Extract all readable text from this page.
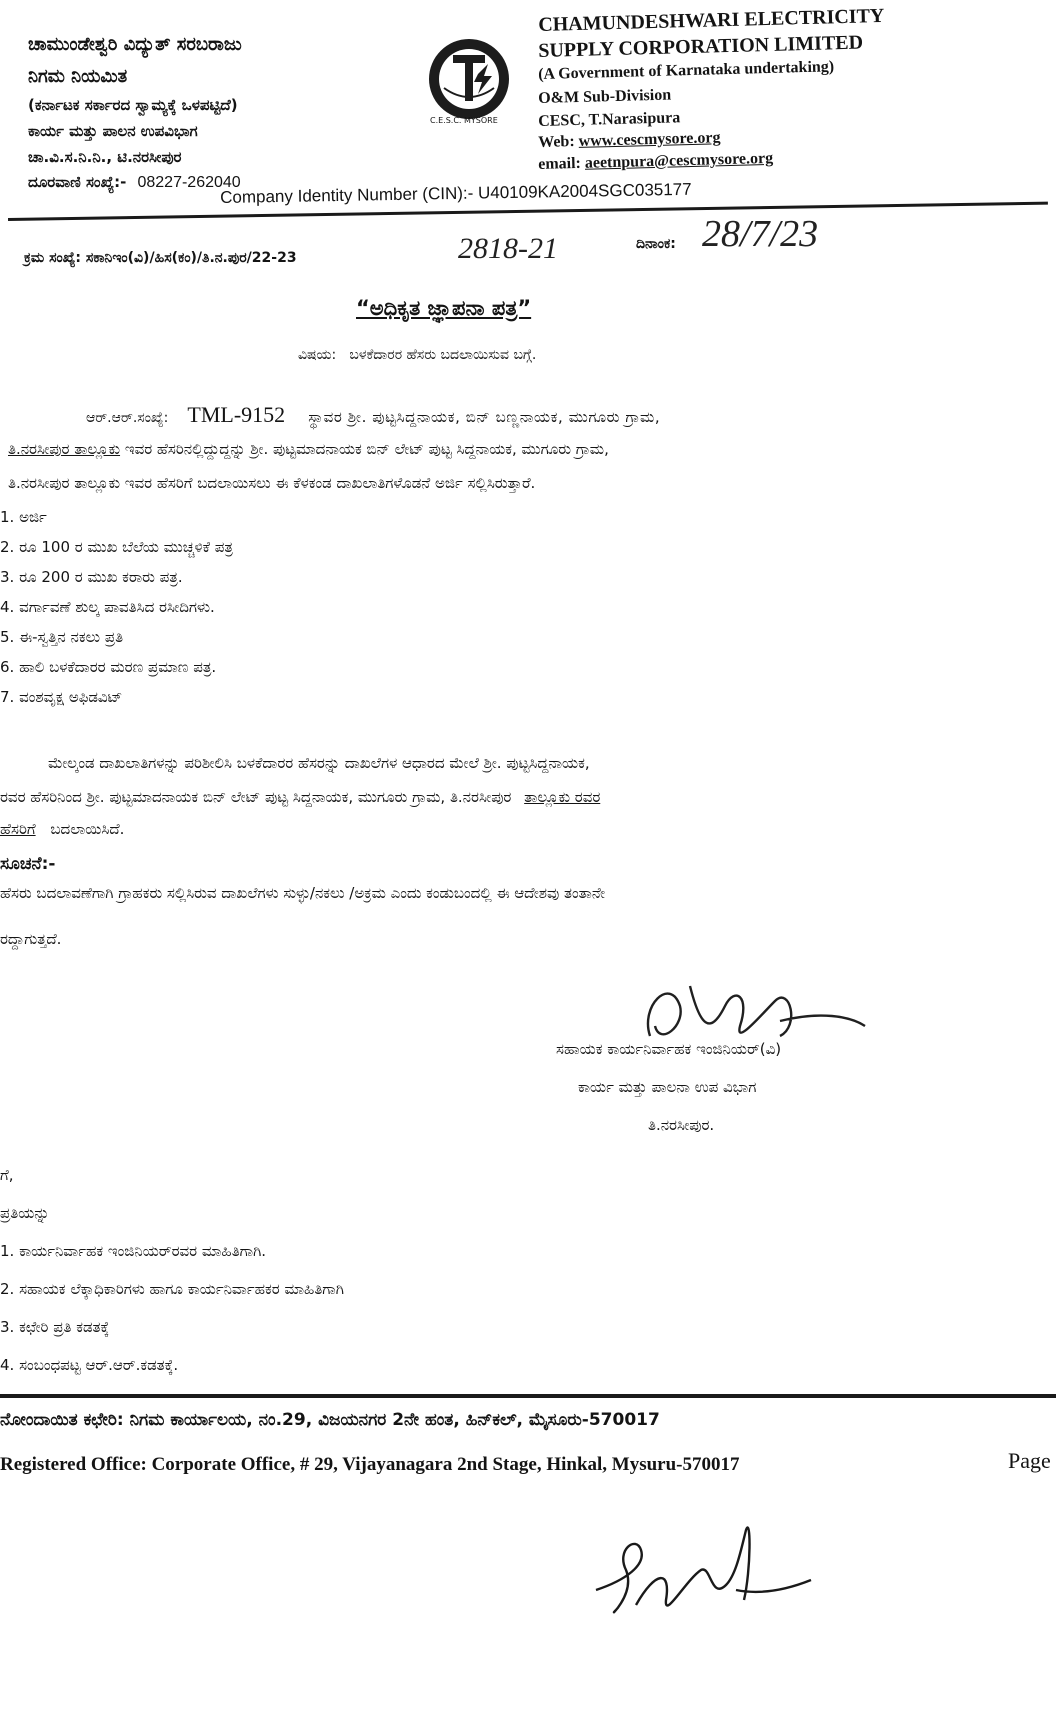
ಚಾಮುಂಡೇಶ್ವರಿ ವಿದ್ಯುತ್ ಸರಬರಾಜು
ನಿಗಮ ನಿಯಮಿತ
(ಕರ್ನಾಟಕ ಸರ್ಕಾರದ ಸ್ವಾಮ್ಯಕ್ಕೆ ಒಳಪಟ್ಟಿದೆ)
ಕಾರ್ಯ ಮತ್ತು ಪಾಲನ ಉಪವಿಭಾಗ
ಚಾ.ವಿ.ಸ.ನಿ.ನಿ., ಟಿ.ನರಸೀಪುರ
ದೂರವಾಣಿ ಸಂಖ್ಯೆ:- 08227-262040
C.E.S.C. MYSORE
CHAMUNDESHWARI ELECTRICITY
SUPPLY CORPORATION LIMITED
(A Government of Karnataka undertaking)
O&M Sub-Division
CESC, T.Narasipura
Web: www.cescmysore.org
email: aeetnpura@cescmysore.org
Company Identity Number (CIN):- U40109KA2004SGC035177
ಕ್ರಮ ಸಂಖ್ಯೆ: ಸಕಾನಿಇಂ(ವಿ)/ಹಿಸ(ಕಂ)/ತಿ.ನ.ಪುರ/22-23	2818-21	ದಿನಾಂಕ: 28/7/23
“ಅಧಿಕೃತ ಜ್ಞಾಪನಾ ಪತ್ರ”
ವಿಷಯ: ಬಳಕೆದಾರರ ಹೆಸರು ಬದಲಾಯಿಸುವ ಬಗ್ಗೆ.
ಆರ್.ಆರ್.ಸಂಖ್ಯೆ: TML-9152 ಸ್ಥಾವರ ಶ್ರೀ. ಪುಟ್ಟಸಿದ್ದನಾಯಕ, ಬಿನ್ ಬಣ್ಣನಾಯಕ, ಮುಗೂರು ಗ್ರಾಮ,
ತಿ.ನರಸೀಪುರ ತಾಲ್ಲೂಕು ಇವರ ಹೆಸರಿನಲ್ಲಿದ್ದುದ್ದನ್ನು ಶ್ರೀ. ಪುಟ್ಟಮಾದನಾಯಕ ಬಿನ್ ಲೇಟ್ ಪುಟ್ಟ ಸಿದ್ದನಾಯಕ, ಮುಗೂರು ಗ್ರಾಮ,
ತಿ.ನರಸೀಪುರ ತಾಲ್ಲೂಕು ಇವರ ಹೆಸರಿಗೆ ಬದಲಾಯಿಸಲು ಈ ಕೆಳಕಂಡ ದಾಖಲಾತಿಗಳೊಡನೆ ಅರ್ಜಿ ಸಲ್ಲಿಸಿರುತ್ತಾರೆ.
1. ಅರ್ಜಿ
2. ರೂ 100 ರ ಮುಖ ಬೆಲೆಯ ಮುಚ್ಚಳಿಕೆ ಪತ್ರ
3. ರೂ 200 ರ ಮುಖ ಕರಾರು ಪತ್ರ.
4. ವರ್ಗಾವಣೆ ಶುಲ್ಕ ಪಾವತಿಸಿದ ರಸೀದಿಗಳು.
5. ಈ-ಸ್ವತ್ತಿನ ನಕಲು ಪ್ರತಿ
6. ಹಾಲಿ ಬಳಕೆದಾರರ ಮರಣ ಪ್ರಮಾಣ ಪತ್ರ.
7. ವಂಶವೃಕ್ಷ ಅಫಿಡವಿಟ್
ಮೇಲ್ಕಂಡ ದಾಖಲಾತಿಗಳನ್ನು ಪರಿಶೀಲಿಸಿ ಬಳಕೆದಾರರ ಹೆಸರನ್ನು ದಾಖಲೆಗಳ ಆಧಾರದ ಮೇಲೆ ಶ್ರೀ. ಪುಟ್ಟಸಿದ್ದನಾಯಕ,
ರವರ ಹೆಸರಿನಿಂದ ಶ್ರೀ. ಪುಟ್ಟಮಾದನಾಯಕ ಬಿನ್ ಲೇಟ್ ಪುಟ್ಟ ಸಿದ್ದನಾಯಕ, ಮುಗೂರು ಗ್ರಾಮ, ತಿ.ನರಸೀಪುರ ತಾಲ್ಲೂಕು ರವರ
ಹೆಸರಿಗೆ ಬದಲಾಯಿಸಿದೆ.
ಸೂಚನೆ:-
ಹೆಸರು ಬದಲಾವಣೆಗಾಗಿ ಗ್ರಾಹಕರು ಸಲ್ಲಿಸಿರುವ ದಾಖಲೆಗಳು ಸುಳ್ಳು/ನಕಲು /ಅಕ್ರಮ ಎಂದು ಕಂಡುಬಂದಲ್ಲಿ ಈ ಆದೇಶವು ತಂತಾನೇ
ರದ್ದಾಗುತ್ತದೆ.
ಸಹಾಯಕ ಕಾರ್ಯನಿರ್ವಾಹಕ ಇಂಜಿನಿಯರ್(ವಿ)
ಕಾರ್ಯ ಮತ್ತು ಪಾಲನಾ ಉಪ ವಿಭಾಗ
ತಿ.ನರಸೀಪುರ.
ಗೆ,
ಪ್ರತಿಯನ್ನು
1. ಕಾರ್ಯನಿರ್ವಾಹಕ ಇಂಜಿನಿಯರ್‌ರವರ ಮಾಹಿತಿಗಾಗಿ.
2. ಸಹಾಯಕ ಲೆಕ್ಕಾಧಿಕಾರಿಗಳು ಹಾಗೂ ಕಾರ್ಯನಿರ್ವಾಹಕರ ಮಾಹಿತಿಗಾಗಿ
3. ಕಛೇರಿ ಪ್ರತಿ ಕಡತಕ್ಕೆ
4. ಸಂಬಂಧಪಟ್ಟ ಆರ್.ಆರ್.ಕಡತಕ್ಕೆ.
ನೋಂದಾಯಿತ ಕಛೇರಿ: ನಿಗಮ ಕಾರ್ಯಾಲಯ, ನಂ.29, ವಿಜಯನಗರ 2ನೇ ಹಂತ, ಹಿನ್‌ಕಲ್, ಮೈಸೂರು-570017
Registered Office: Corporate Office, # 29, Vijayanagara 2nd Stage, Hinkal, Mysuru-570017	Page
